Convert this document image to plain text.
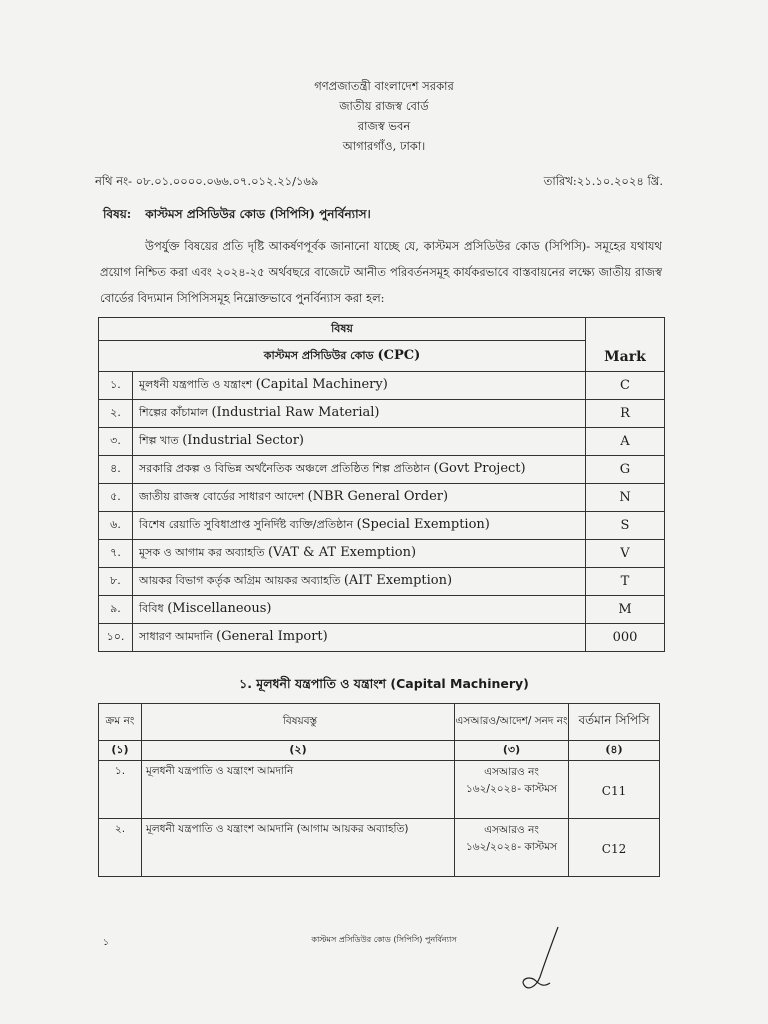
গণপ্রজাতন্ত্রী বাংলাদেশ সরকার
জাতীয় রাজস্ব বোর্ড
রাজস্ব ভবন
আগারগাঁও, ঢাকা।
নথি নং- ০৮.০১.০০০০.০৬৬.০৭.০১২.২১/১৬৯	তারিখ:২১.১০.২০২৪ খ্রি.
বিষয়: কাস্টমস প্রসিডিউর কোড (সিপিসি) পুনর্বিন্যাস।
উপর্যুক্ত বিষয়ের প্রতি দৃষ্টি আকর্ষণপূর্বক জানানো যাচ্ছে যে, কাস্টমস প্রসিডিউর কোড (সিপিসি)- সমূহের যথাযথ প্রয়োগ নিশ্চিত করা এবং ২০২৪-২৫ অর্থবছরে বাজেটে আনীত পরিবর্তনসমূহ কার্যকরভাবে বাস্তবায়নের লক্ষ্যে জাতীয় রাজস্ব বোর্ডের বিদ্যমান সিপিসিসমূহ নিম্নোক্তভাবে পুনর্বিন্যাস করা হল:
বিষয়		Mark
কাস্টমস প্রসিডিউর কোড (CPC)		
১.	মূলধনী যন্ত্রপাতি ও যন্ত্রাংশ (Capital Machinery)	C
২.	শিল্পের কাঁচামাল (Industrial Raw Material)	R
৩.	শিল্প খাত (Industrial Sector)	A
৪.	সরকারি প্রকল্প ও বিভিন্ন অর্থনৈতিক অঞ্চলে প্রতিষ্ঠিত শিল্প প্রতিষ্ঠান (Govt Project)	G
৫.	জাতীয় রাজস্ব বোর্ডের সাধারণ আদেশ (NBR General Order)	N
৬.	বিশেষ রেয়াতি সুবিধাপ্রাপ্ত সুনির্দিষ্ট ব্যক্তি/প্রতিষ্ঠান (Special Exemption)	S
৭.	মূসক ও আগাম কর অব্যাহতি (VAT & AT Exemption)	V
৮.	আয়কর বিভাগ কর্তৃক অগ্রিম আয়কর অব্যাহতি (AIT Exemption)	T
৯.	বিবিধ (Miscellaneous)	M
১০.	সাধারণ আমদানি (General Import)	000
১. মূলধনী যন্ত্রপাতি ও যন্ত্রাংশ (Capital Machinery)
ক্রম নং	বিষয়বস্তু	এসআরও/আদেশ/ সনদ নং	বর্তমান সিপিসি
(১)	(২)	(৩)	(৪)
১.	মূলধনী যন্ত্রপাতি ও যন্ত্রাংশ আমদানি	এসআরও নং ১৬২/২০২৪- কাস্টমস	C11
২.	মূলধনী যন্ত্রপাতি ও যন্ত্রাংশ আমদানি (আগাম আয়কর অব্যাহতি)	এসআরও নং ১৬২/২০২৪- কাস্টমস	C12
১	কাস্টমস প্রসিডিউর কোড (সিপিসি) পুনর্বিন্যাস
